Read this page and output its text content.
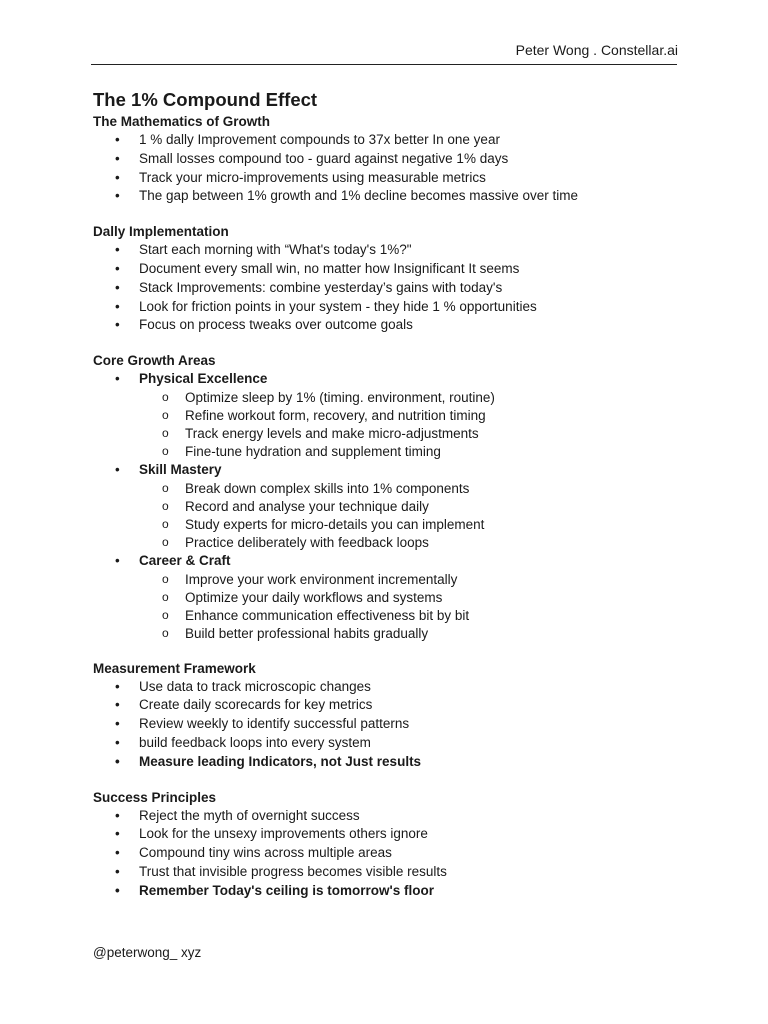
Peter Wong . Constellar.ai
The 1% Compound Effect
The Mathematics of Growth
• 1 % dally Improvement compounds to 37x better In one year
• Small losses compound too - guard against negative 1% days
• Track your micro-improvements using measurable metrics
• The gap between 1% growth and 1% decline becomes massive over time
Dally Implementation
• Start each morning with “What's today's 1%?"
• Document every small win, no matter how Insignificant It seems
• Stack Improvements: combine yesterday’s gains with today's
• Look for friction points in your system - they hide 1 % opportunities
• Focus on process tweaks over outcome goals
Core Growth Areas
• Physical Excellence
o Optimize sleep by 1% (timing. environment, routine)
o Refine workout form, recovery, and nutrition timing
o Track energy levels and make micro-adjustments
o Fine-tune hydration and supplement timing
• Skill Mastery
o Break down complex skills into 1% components
o Record and analyse your technique daily
o Study experts for micro-details you can implement
o Practice deliberately with feedback loops
• Career & Craft
o Improve your work environment incrementally
o Optimize your daily workflows and systems
o Enhance communication effectiveness bit by bit
o Build better professional habits gradually
Measurement Framework
• Use data to track microscopic changes
• Create daily scorecards for key metrics
• Review weekly to identify successful patterns
• build feedback loops into every system
• Measure leading Indicators, not Just results
Success Principles
• Reject the myth of overnight success
• Look for the unsexy improvements others ignore
• Compound tiny wins across multiple areas
• Trust that invisible progress becomes visible results
• Remember Today's ceiling is tomorrow's floor
@peterwong_ xyz
